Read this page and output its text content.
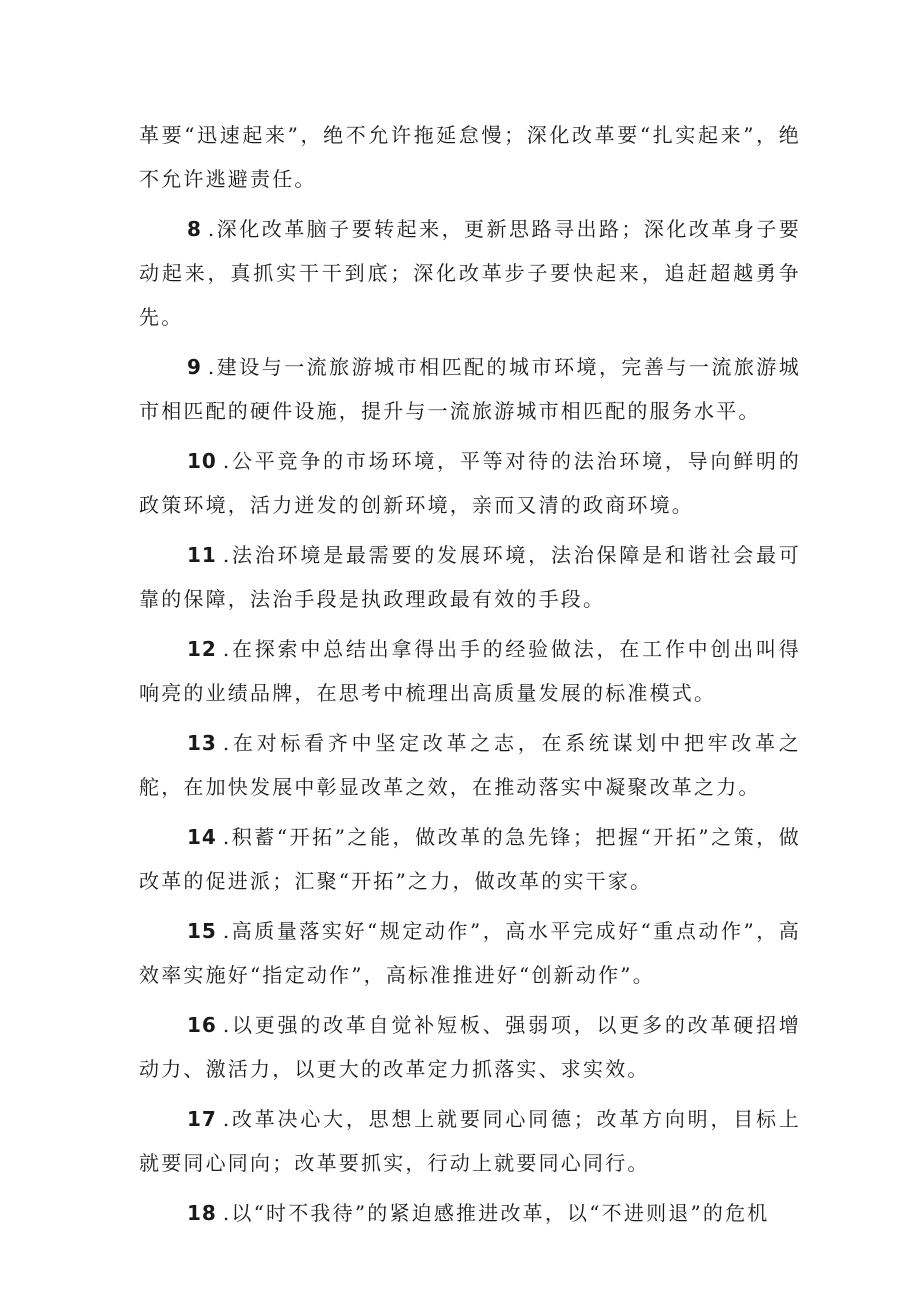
革要“迅速起来”，绝不允许拖延怠慢；深化改革要“扎实起来”，绝不允许逃避责任。

8 .深化改革脑子要转起来，更新思路寻出路；深化改革身子要动起来，真抓实干干到底；深化改革步子要快起来，追赶超越勇争先。

9 .建设与一流旅游城市相匹配的城市环境，完善与一流旅游城市相匹配的硬件设施，提升与一流旅游城市相匹配的服务水平。

10 .公平竞争的市场环境，平等对待的法治环境，导向鲜明的政策环境，活力迸发的创新环境，亲而又清的政商环境。

11 .法治环境是最需要的发展环境，法治保障是和谐社会最可靠的保障，法治手段是执政理政最有效的手段。

12 .在探索中总结出拿得出手的经验做法，在工作中创出叫得响亮的业绩品牌，在思考中梳理出高质量发展的标准模式。

13 .在对标看齐中坚定改革之志，在系统谋划中把牢改革之舵，在加快发展中彰显改革之效，在推动落实中凝聚改革之力。

14 .积蓄“开拓”之能，做改革的急先锋；把握“开拓”之策，做改革的促进派；汇聚“开拓”之力，做改革的实干家。

15 .高质量落实好“规定动作”，高水平完成好“重点动作”，高效率实施好“指定动作”，高标准推进好“创新动作”。

16 .以更强的改革自觉补短板、强弱项，以更多的改革硬招增动力、激活力，以更大的改革定力抓落实、求实效。

17 .改革决心大，思想上就要同心同德；改革方向明，目标上就要同心同向；改革要抓实，行动上就要同心同行。

18 .以“时不我待”的紧迫感推进改革，以“不进则退”的危机
